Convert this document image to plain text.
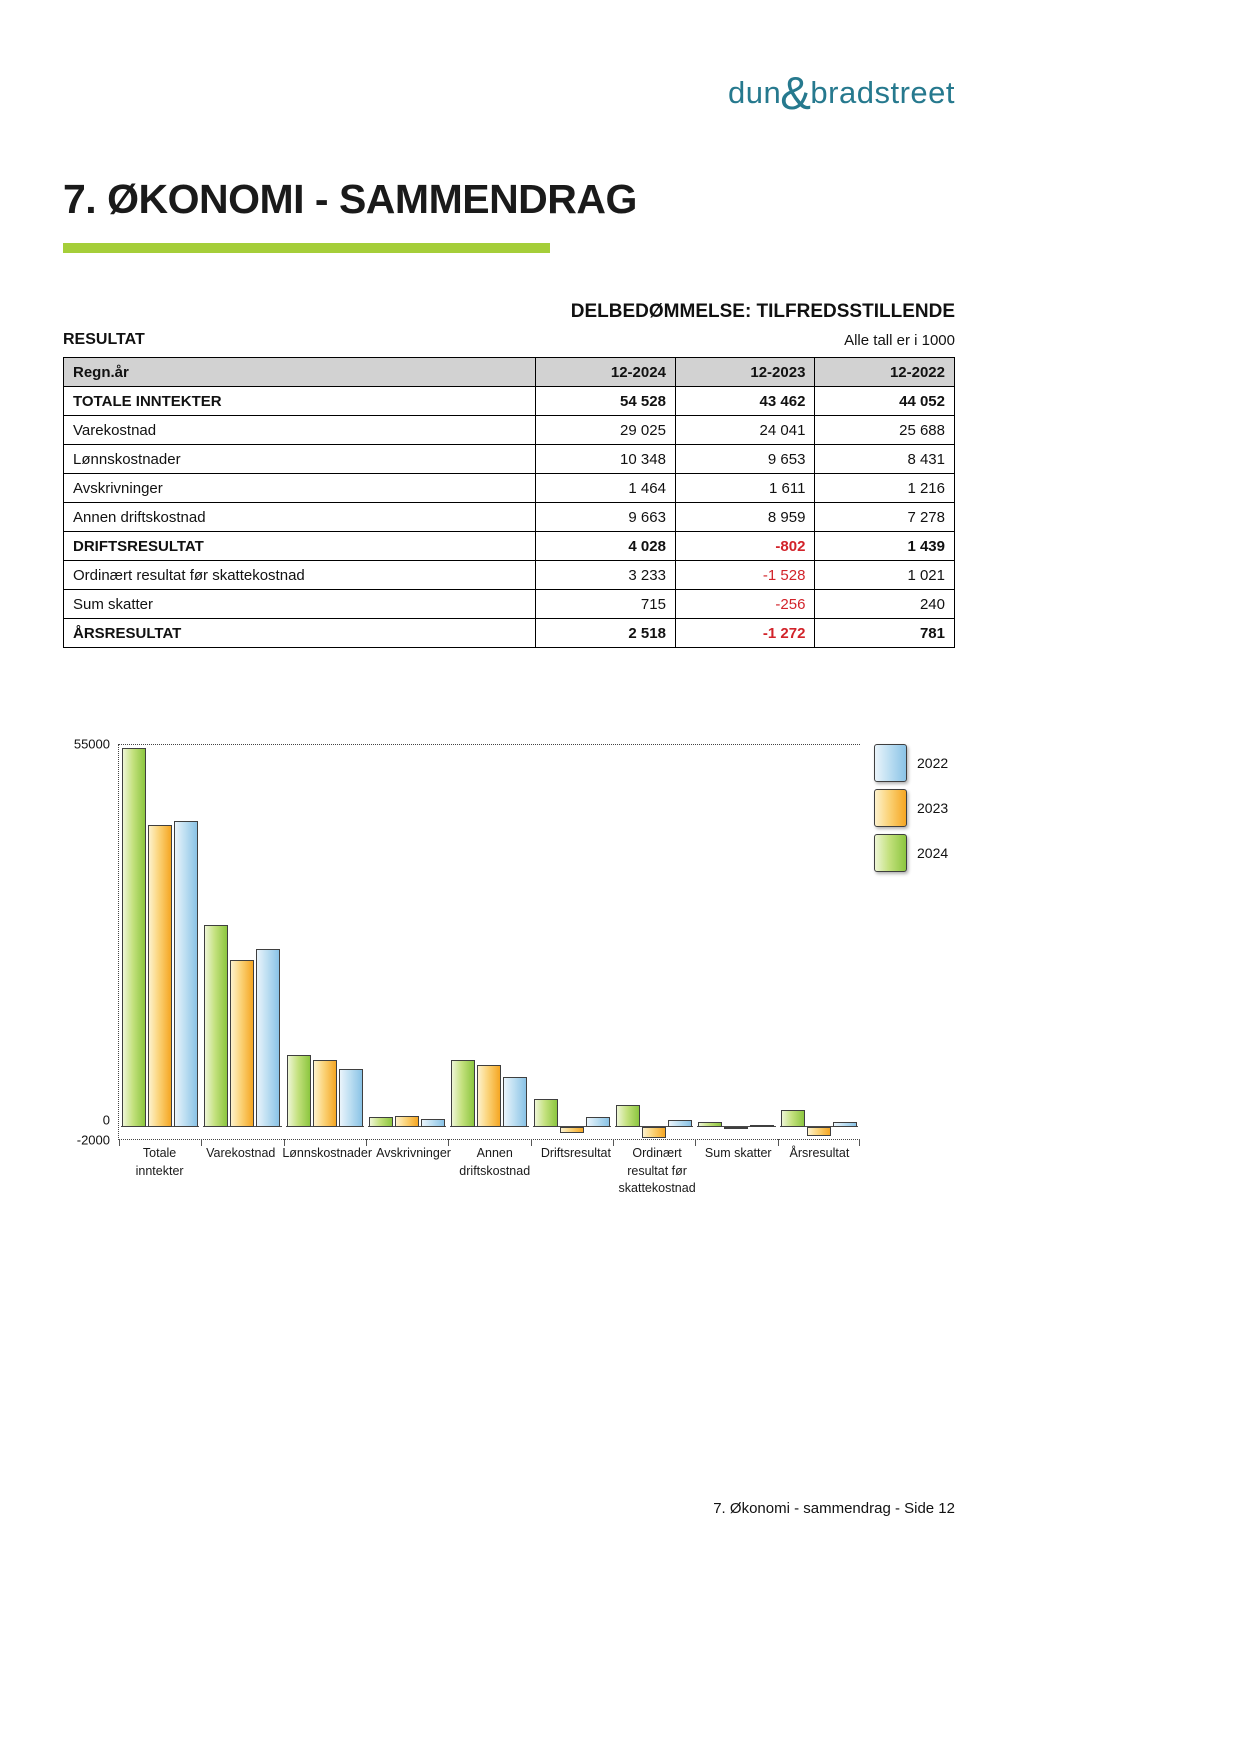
dun&bradstreet
7. ØKONOMI - SAMMENDRAG
DELBEDØMMELSE: TILFREDSSTILLENDE
RESULTAT	Alle tall er i 1000
Regn.år	12-2024	12-2023	12-2022
TOTALE INNTEKTER	54 528	43 462	44 052
Varekostnad	29 025	24 041	25 688
Lønnskostnader	10 348	9 653	8 431
Avskrivninger	1 464	1 611	1 216
Annen driftskostnad	9 663	8 959	7 278
DRIFTSRESULTAT	4 028	-802	1 439
Ordinært resultat før skattekostnad	3 233	-1 528	1 021
Sum skatter	715	-256	240
ÅRSRESULTAT	2 518	-1 272	781
55000
0
-2000
Totale inntekter
Varekostnad Lønnskostnader Avskrivninger	Annen driftskostnad
Driftsresultat	Ordinært resultat før skattekostnad
Sum skatter	Årsresultat
2022
2023
2024
7. Økonomi - sammendrag - Side 12
